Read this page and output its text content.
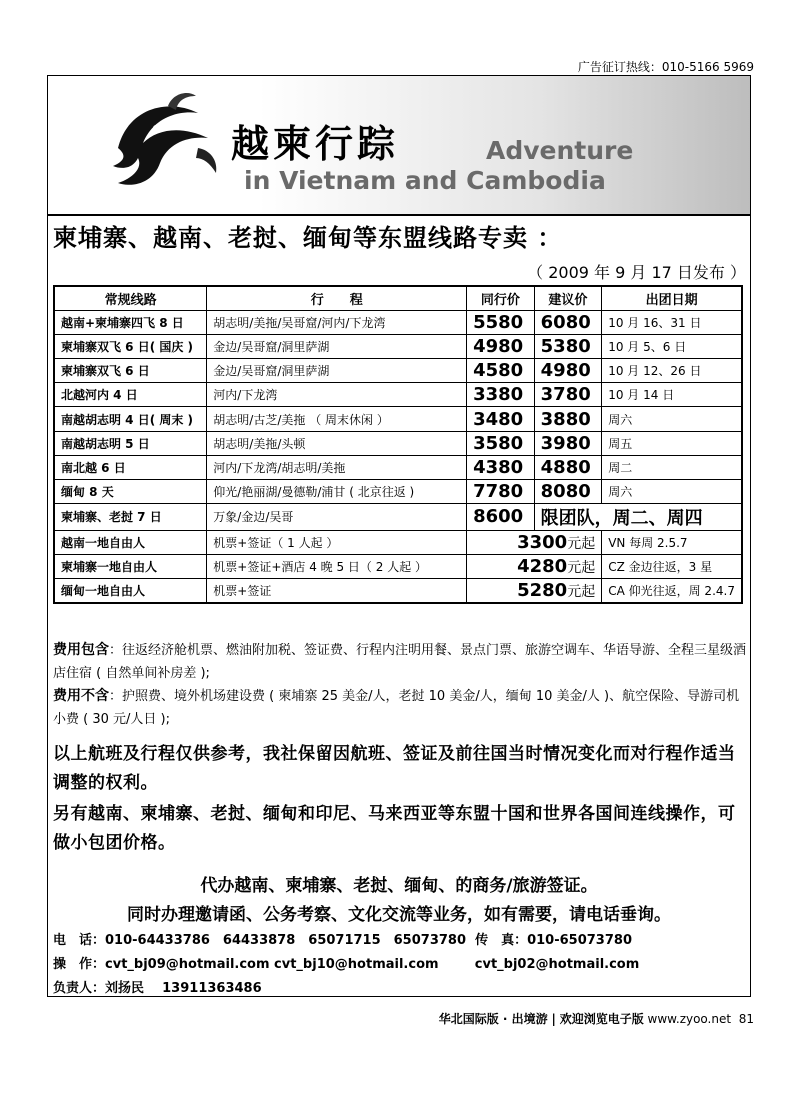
广告征订热线：010-5166 5969
越柬行踪	Adventure
in Vietnam and Cambodia
柬埔寨、越南、老挝、缅甸等东盟线路专卖 ：
（ 2009 年 9 月 17 日发布 ）
常规线路	行　　程	同行价	建议价	出团日期
越南+柬埔寨四飞 8 日	胡志明/美拖/吴哥窟/河内/下龙湾	5580	6080	10 月 16、31 日
柬埔寨双飞 6 日( 国庆 )	金边/吴哥窟/洞里萨湖	4980	5380	10 月 5、6 日
柬埔寨双飞 6 日	金边/吴哥窟/洞里萨湖	4580	4980	10 月 12、26 日
北越河内 4 日	河内/下龙湾	3380	3780	10 月 14 日
南越胡志明 4 日( 周末 )	胡志明/古芝/美拖 （ 周末休闲 ）	3480	3880	周六
南越胡志明 5 日	胡志明/美拖/头顿	3580	3980	周五
南北越 6 日	河内/下龙湾/胡志明/美拖	4380	4880	周二
缅甸 8 天	仰光/艳丽湖/曼德勒/浦甘 ( 北京往返 )	7780	8080	周六
柬埔寨、老挝 7 日	万象/金边/吴哥	8600	限团队，周二、周四	
越南一地自由人	机票+签证（ 1 人起 ）	3300元起		VN 每周 2.5.7
柬埔寨一地自由人	机票+签证+酒店 4 晚 5 日（ 2 人起 ）	4280元起		CZ 金边往返，3 星
缅甸一地自由人	机票+签证	5280元起		CA 仰光往返，周 2.4.7
费用包含：往返经济舱机票、燃油附加税、签证费、行程内注明用餐、景点门票、旅游空调车、华语导游、全程三星级酒店住宿 ( 自然单间补房差 );
费用不含：护照费、境外机场建设费 ( 柬埔寨 25 美金/人，老挝 10 美金/人，缅甸 10 美金/人 )、航空保险、导游司机小费 ( 30 元/人日 );
以上航班及行程仅供参考，我社保留因航班、签证及前往国当时情况变化而对行程作适当调整的权利。
另有越南、柬埔寨、老挝、缅甸和印尼、马来西亚等东盟十国和世界各国间连线操作，可做小包团价格。
代办越南、柬埔寨、老挝、缅甸、的商务/旅游签证。
同时办理邀请函、公务考察、文化交流等业务，如有需要，请电话垂询。
电　话：010-64433786　64433878　65071715　65073780 传　真：010-65073780
操　作：cvt_bj09@hotmail.com cvt_bj10@hotmail.com	cvt_bj02@hotmail.com
负责人：刘扬民 13911363486
华北国际版 · 出境游 | 欢迎浏览电子版 www.zyoo.net 81
